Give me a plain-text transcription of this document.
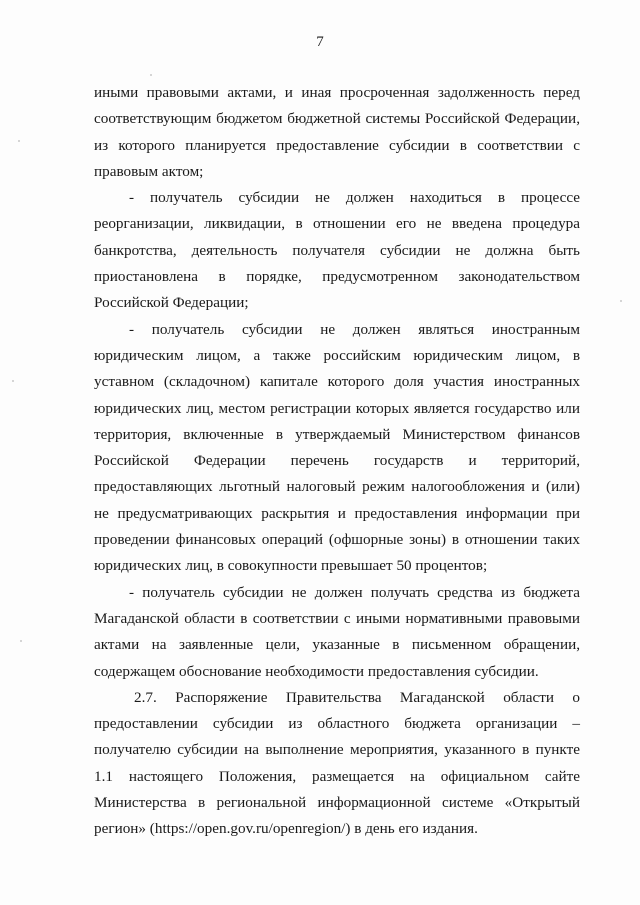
7

иными правовыми актами, и иная просроченная задолженность перед соответствующим бюджетом бюджетной системы Российской Федерации, из которого планируется предоставление субсидии в соответствии с правовым актом;

- получатель субсидии не должен находиться в процессе реорганизации, ликвидации, в отношении его не введена процедура банкротства, деятельность получателя субсидии не должна быть приостановлена в порядке, предусмотренном законодательством Российской Федерации;

- получатель субсидии не должен являться иностранным юридическим лицом, а также российским юридическим лицом, в уставном (складочном) капитале которого доля участия иностранных юридических лиц, местом регистрации которых является государство или территория, включенные в утверждаемый Министерством финансов Российской Федерации перечень государств и территорий, предоставляющих льготный налоговый режим налогообложения и (или) не предусматривающих раскрытия и предоставления информации при проведении финансовых операций (офшорные зоны) в отношении таких юридических лиц, в совокупности превышает 50 процентов;

- получатель субсидии не должен получать средства из бюджета Магаданской области в соответствии с иными нормативными правовыми актами на заявленные цели, указанные в письменном обращении, содержащем обоснование необходимости предоставления субсидии.

2.7. Распоряжение Правительства Магаданской области о предоставлении субсидии из областного бюджета организации – получателю субсидии на выполнение мероприятия, указанного в пункте 1.1 настоящего Положения, размещается на официальном сайте Министерства в региональной информационной системе «Открытый регион» (https://open.gov.ru/openregion/) в день его издания.
